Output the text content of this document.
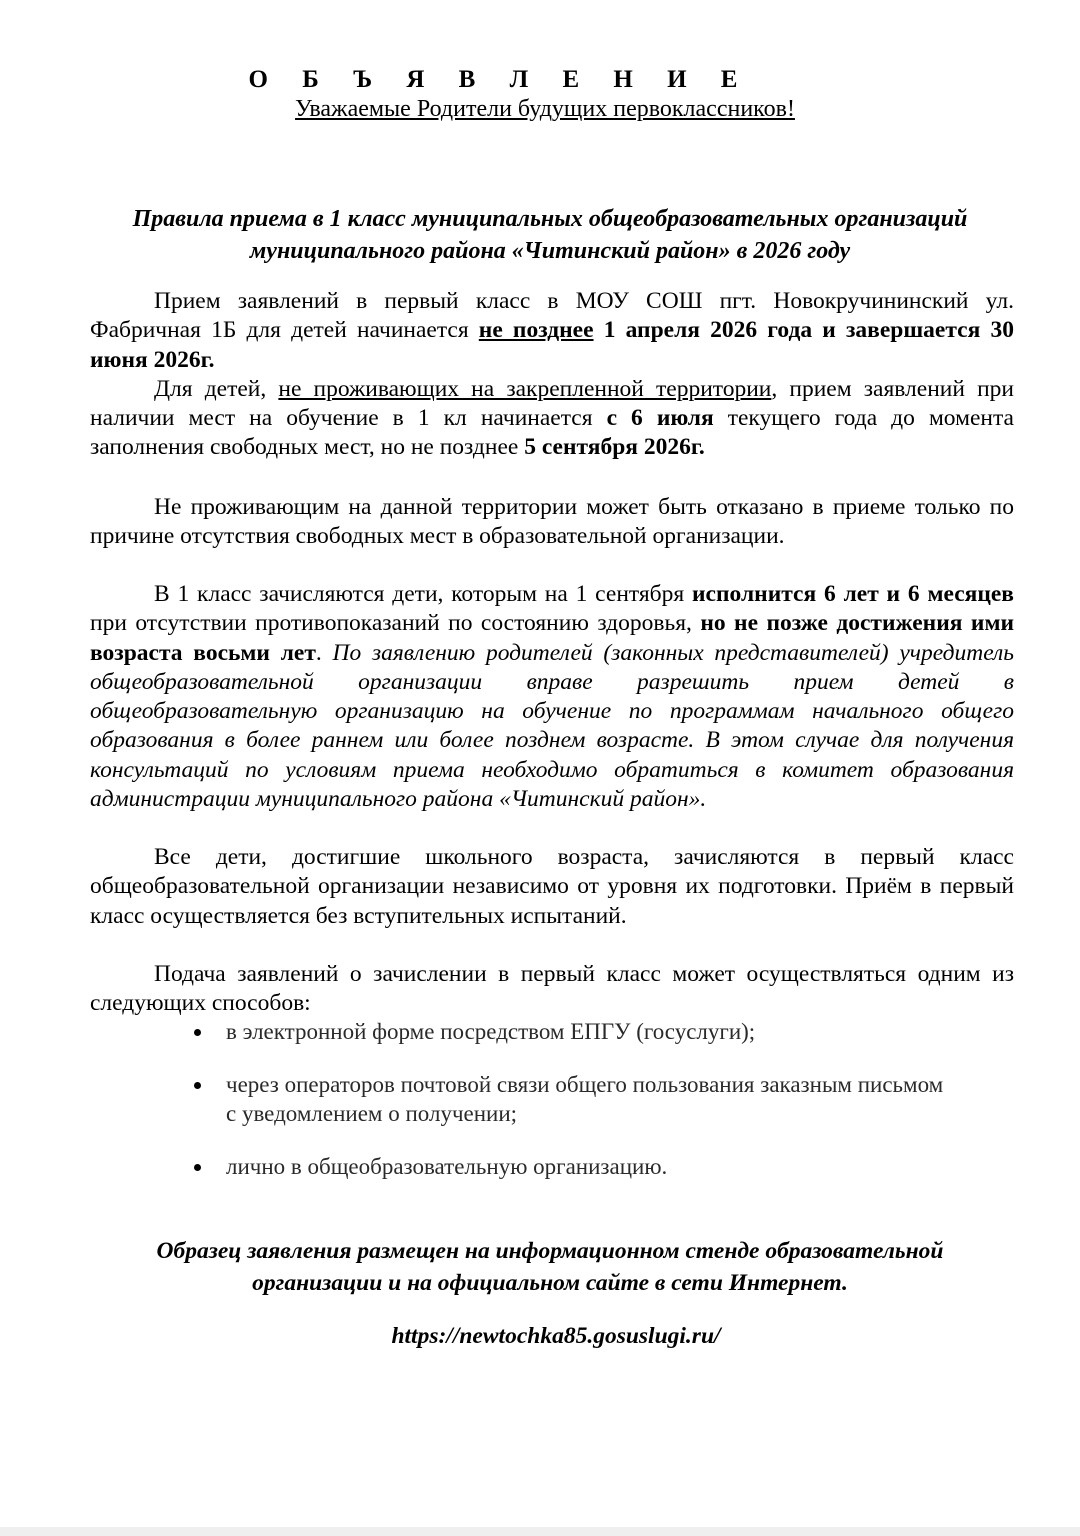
О Б Ъ Я В Л Е Н И Е
Уважаемые Родители будущих первоклассников!
Правила приема в 1 класс муниципальных общеобразовательных организаций
муниципального района «Читинский район» в 2026 году

Прием заявлений в первый класс в МОУ СОШ пгт. Новокручининский ул. Фабричная 1Б для детей начинается не позднее 1 апреля 2026 года и завершается 30 июня 2026г.

Для детей, не проживающих на закрепленной территории, прием заявлений при наличии мест на обучение в 1 кл начинается с 6 июля текущего года до момента заполнения свободных мест, но не позднее 5 сентября 2026г.

Не проживающим на данной территории может быть отказано в приеме только по причине отсутствия свободных мест в образовательной организации.

В 1 класс зачисляются дети, которым на 1 сентября исполнится 6 лет и 6 месяцев при отсутствии противопоказаний по состоянию здоровья, но не позже достижения ими возраста восьми лет. По заявлению родителей (законных представителей) учредитель общеобразовательной организации вправе разрешить прием детей в общеобразовательную организацию на обучение по программам начального общего образования в более раннем или более позднем возрасте. В этом случае для получения консультаций по условиям приема необходимо обратиться в комитет образования администрации муниципального района «Читинский район».

Все дети, достигшие школьного возраста, зачисляются в первый класс общеобразовательной организации независимо от уровня их подготовки. Приём в первый класс осуществляется без вступительных испытаний.

Подача заявлений о зачислении в первый класс может осуществляться одним из следующих способов:

в электронной форме посредством ЕПГУ (госуслуги);
через операторов почтовой связи общего пользования заказным письмом с уведомлением о получении;
лично в общеобразовательную организацию.
Образец заявления размещен на информационном стенде образовательной
организации и на официальном сайте в сети Интернет.
https://newtochka85.gosuslugi.ru/
